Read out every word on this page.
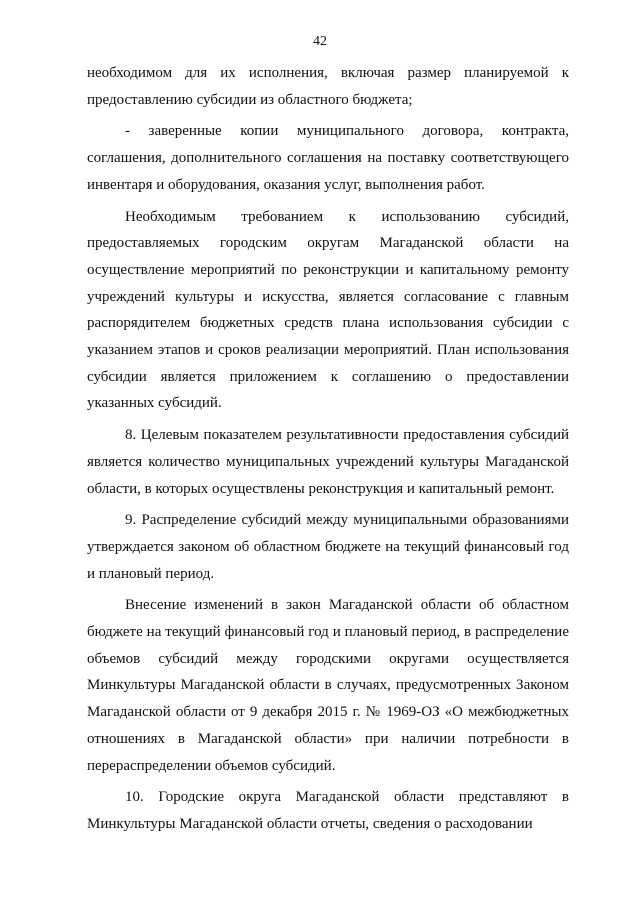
42

необходимом для их исполнения, включая размер планируемой к предоставлению субсидии из областного бюджета;

- заверенные копии муниципального договора, контракта, соглашения, дополнительного соглашения на поставку соответствующего инвентаря и оборудования, оказания услуг, выполнения работ.

Необходимым требованием к использованию субсидий, предоставляемых городским округам Магаданской области на осуществление мероприятий по реконструкции и капитальному ремонту учреждений культуры и искусства, является согласование с главным распорядителем бюджетных средств плана использования субсидии с указанием этапов и сроков реализации мероприятий. План использования субсидии является приложением к соглашению о предоставлении указанных субсидий.

8. Целевым показателем результативности предоставления субсидий является количество муниципальных учреждений культуры Магаданской области, в которых осуществлены реконструкция и капитальный ремонт.

9. Распределение субсидий между муниципальными образованиями утверждается законом об областном бюджете на текущий финансовый год и плановый период.

Внесение изменений в закон Магаданской области об областном бюджете на текущий финансовый год и плановый период, в распределение объемов субсидий между городскими округами осуществляется Минкультуры Магаданской области в случаях, предусмотренных Законом Магаданской области от 9 декабря 2015 г. № 1969-ОЗ «О межбюджетных отношениях в Магаданской области» при наличии потребности в перераспределении объемов субсидий.

10. Городские округа Магаданской области представляют в Минкультуры Магаданской области отчеты, сведения о расходовании
